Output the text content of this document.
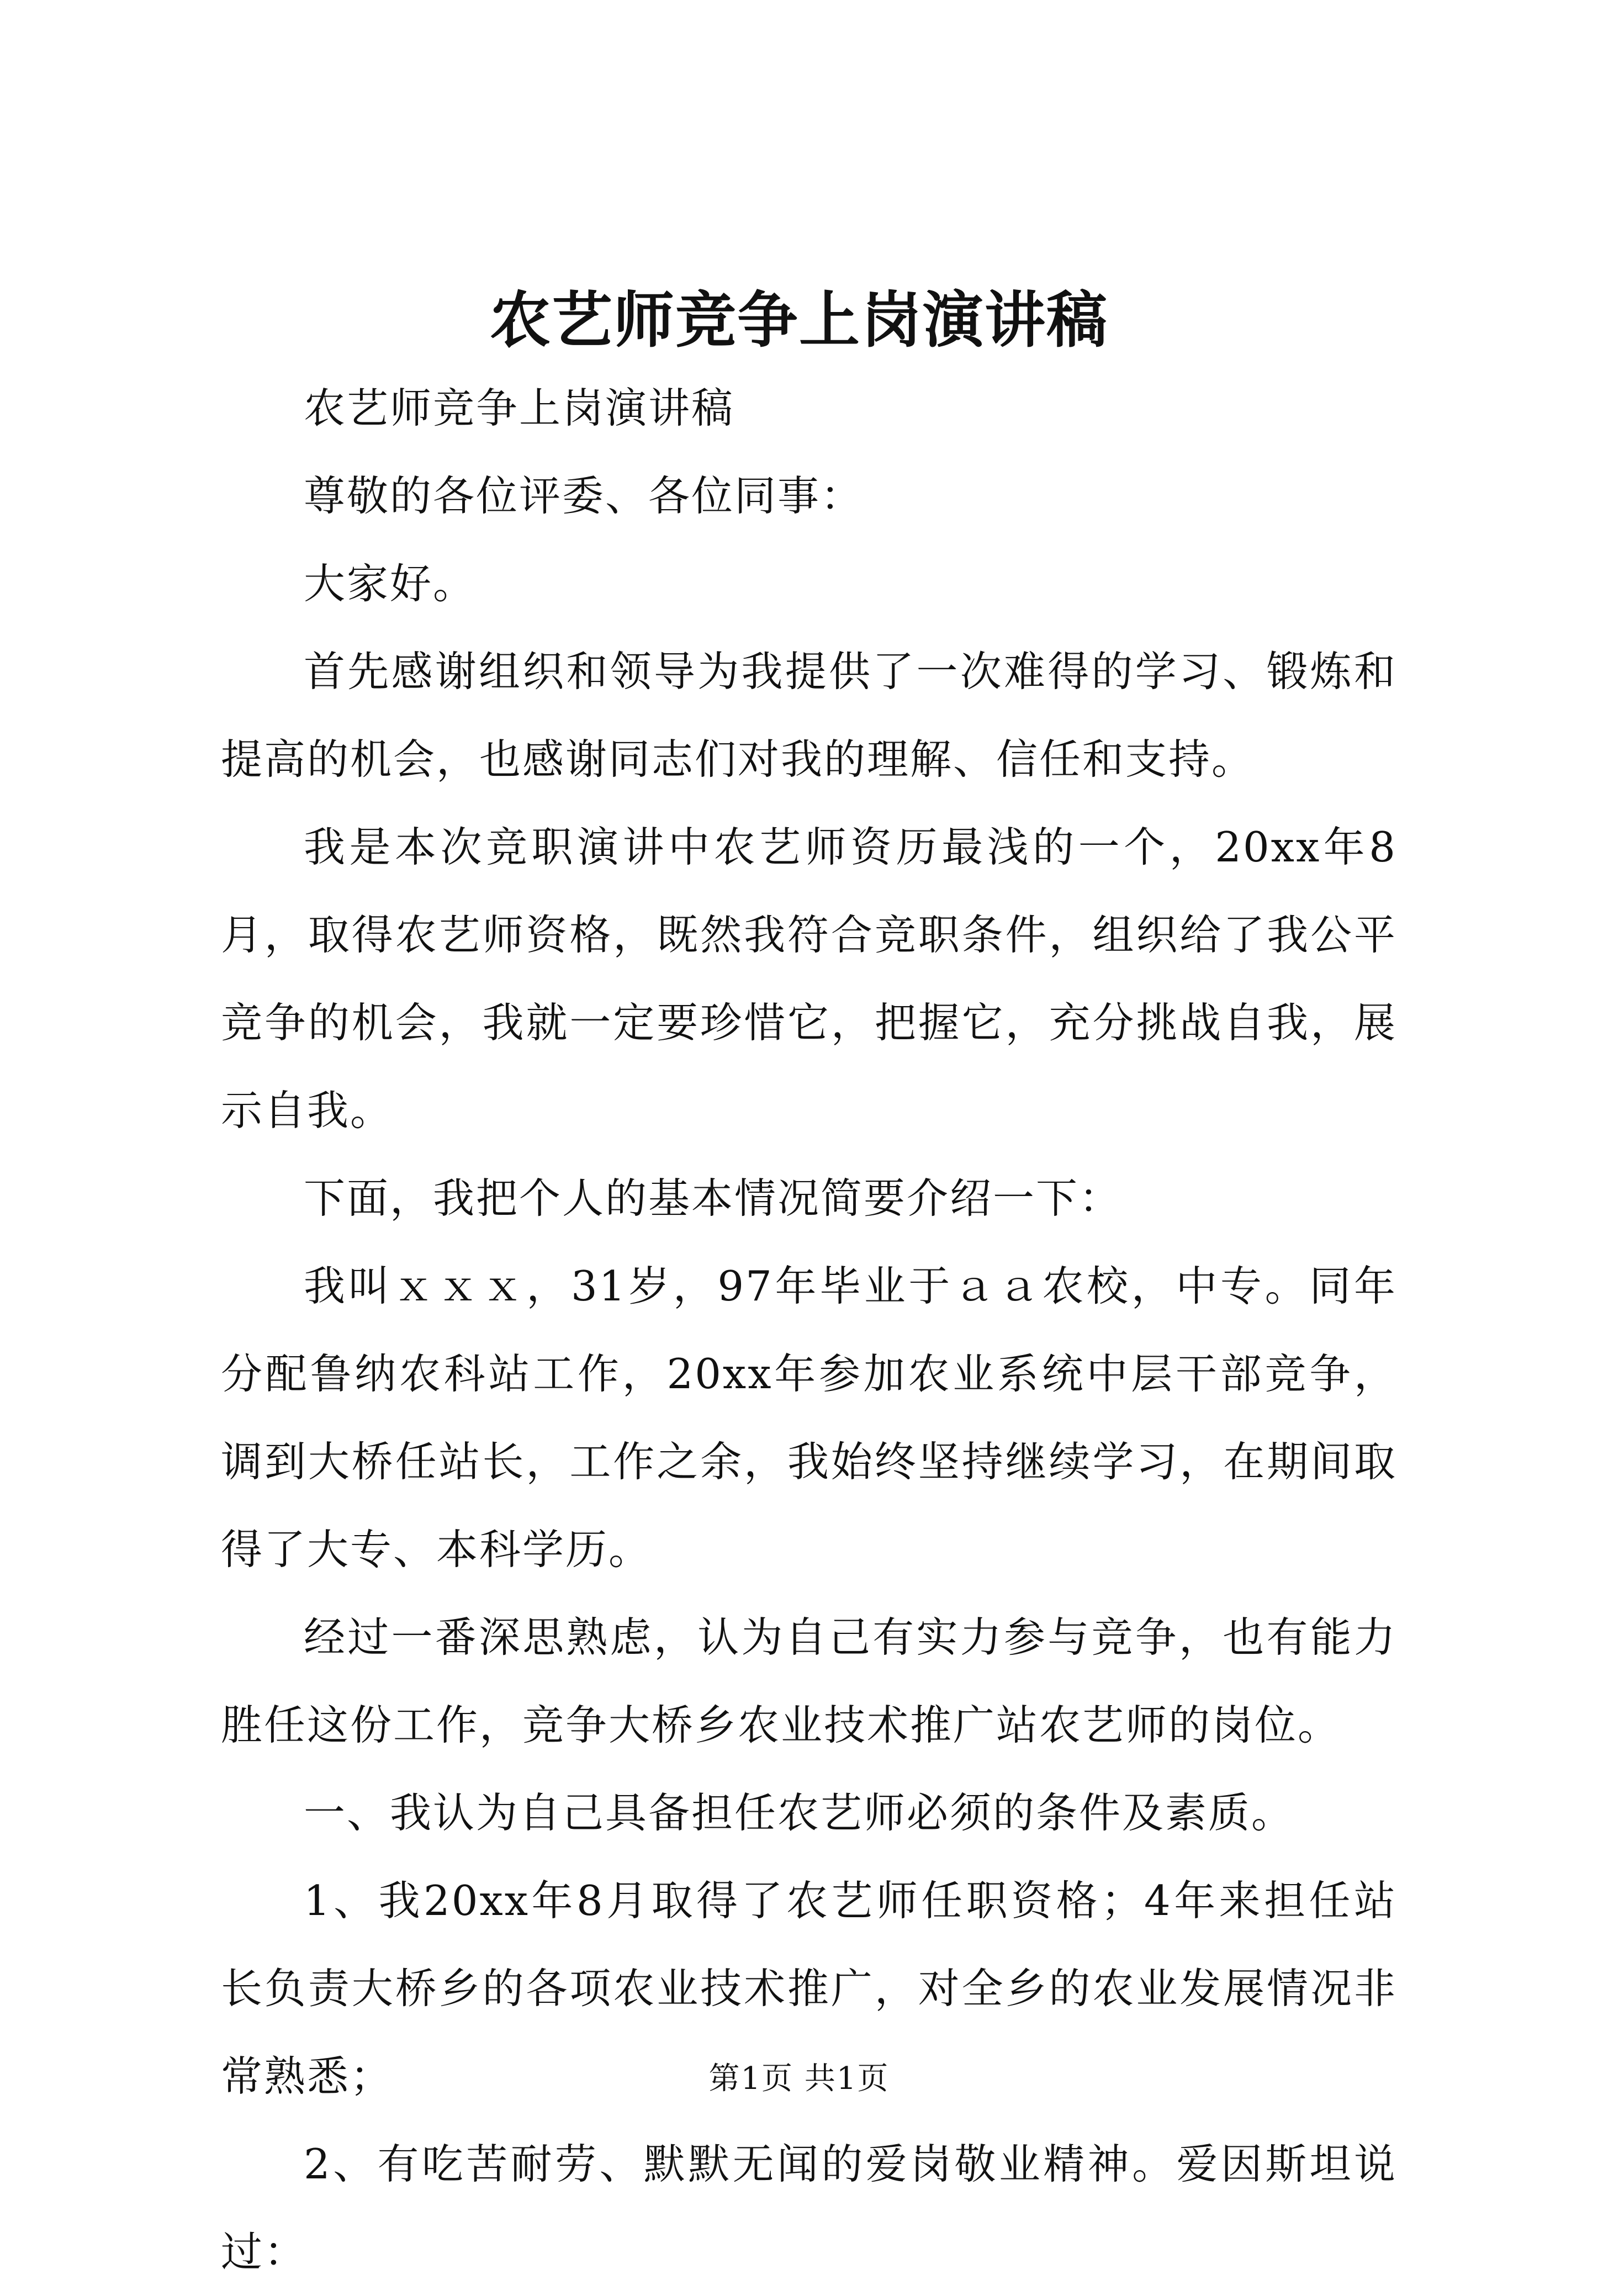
农艺师竞争上岗演讲稿

农艺师竞争上岗演讲稿

尊敬的各位评委、各位同事：

大家好。

首先感谢组织和领导为我提供了一次难得的学习、锻炼和提高的机会，也感谢同志们对我的理解、信任和支持。

我是本次竞职演讲中农艺师资历最浅的一个，20xx年8月，取得农艺师资格，既然我符合竞职条件，组织给了我公平竞争的机会，我就一定要珍惜它，把握它，充分挑战自我，展示自我。

下面，我把个人的基本情况简要介绍一下：

我叫ｘｘｘ，31岁，97年毕业于ａａ农校，中专。同年分配鲁纳农科站工作，20xx年参加农业系统中层干部竞争，调到大桥任站长，工作之余，我始终坚持继续学习，在期间取得了大专、本科学历。

经过一番深思熟虑，认为自己有实力参与竞争，也有能力胜任这份工作，竞争大桥乡农业技术推广站农艺师的岗位。

一、我认为自己具备担任农艺师必须的条件及素质。

1、我20xx年8月取得了农艺师任职资格；4年来担任站长负责大桥乡的各项农业技术推广，对全乡的农业发展情况非常熟悉；

2、有吃苦耐劳、默默无闻的爱岗敬业精神。爱因斯坦说过：

第1页 共1页
